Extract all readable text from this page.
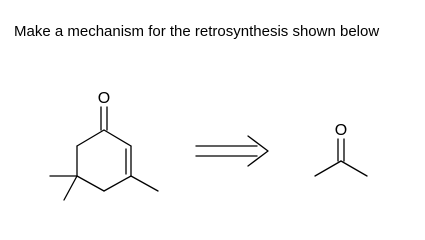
Make a mechanism for the retrosynthesis shown below
O
O
